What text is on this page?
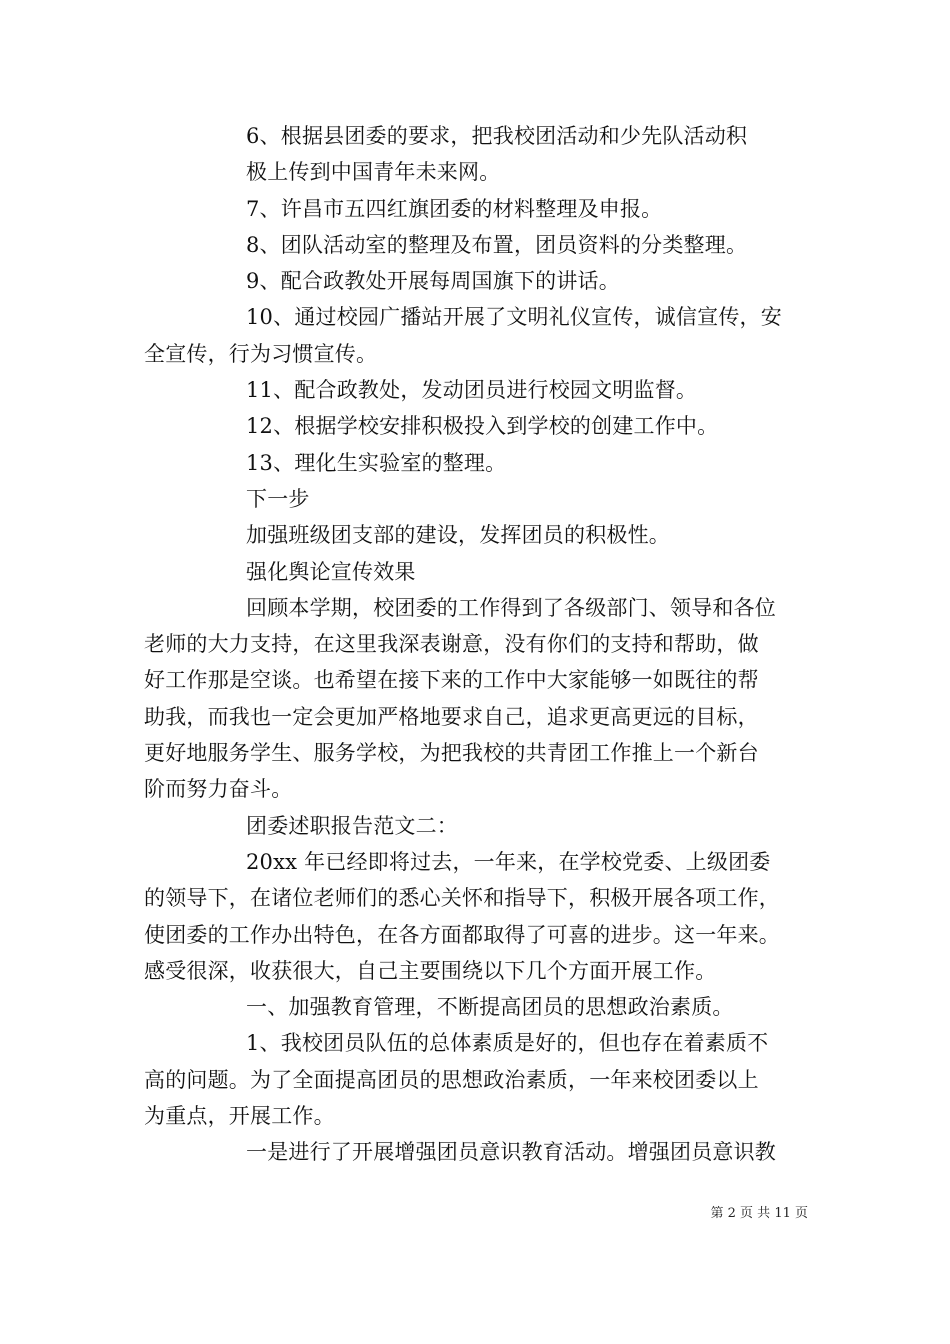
6、根据县团委的要求，把我校团活动和少先队活动积
极上传到中国青年未来网。
7、许昌市五四红旗团委的材料整理及申报。
8、团队活动室的整理及布置，团员资料的分类整理。
9、配合政教处开展每周国旗下的讲话。
10、通过校园广播站开展了文明礼仪宣传，诚信宣传，安
全宣传，行为习惯宣传。
11、配合政教处，发动团员进行校园文明监督。
12、根据学校安排积极投入到学校的创建工作中。
13、理化生实验室的整理。
下一步
加强班级团支部的建设，发挥团员的积极性。
强化舆论宣传效果
回顾本学期，校团委的工作得到了各级部门、领导和各位
老师的大力支持，在这里我深表谢意，没有你们的支持和帮助，做
好工作那是空谈。也希望在接下来的工作中大家能够一如既往的帮
助我，而我也一定会更加严格地要求自己，追求更高更远的目标，
更好地服务学生、服务学校，为把我校的共青团工作推上一个新台
阶而努力奋斗。
团委述职报告范文二：
20xx 年已经即将过去，一年来，在学校党委、上级团委
的领导下，在诸位老师们的悉心关怀和指导下，积极开展各项工作，
使团委的工作办出特色，在各方面都取得了可喜的进步。这一年来。
感受很深，收获很大，自己主要围绕以下几个方面开展工作。
一、加强教育管理，不断提高团员的思想政治素质。
1、我校团员队伍的总体素质是好的，但也存在着素质不
高的问题。为了全面提高团员的思想政治素质，一年来校团委以上
为重点，开展工作。
一是进行了开展增强团员意识教育活动。增强团员意识教
第 2 页 共 11 页
